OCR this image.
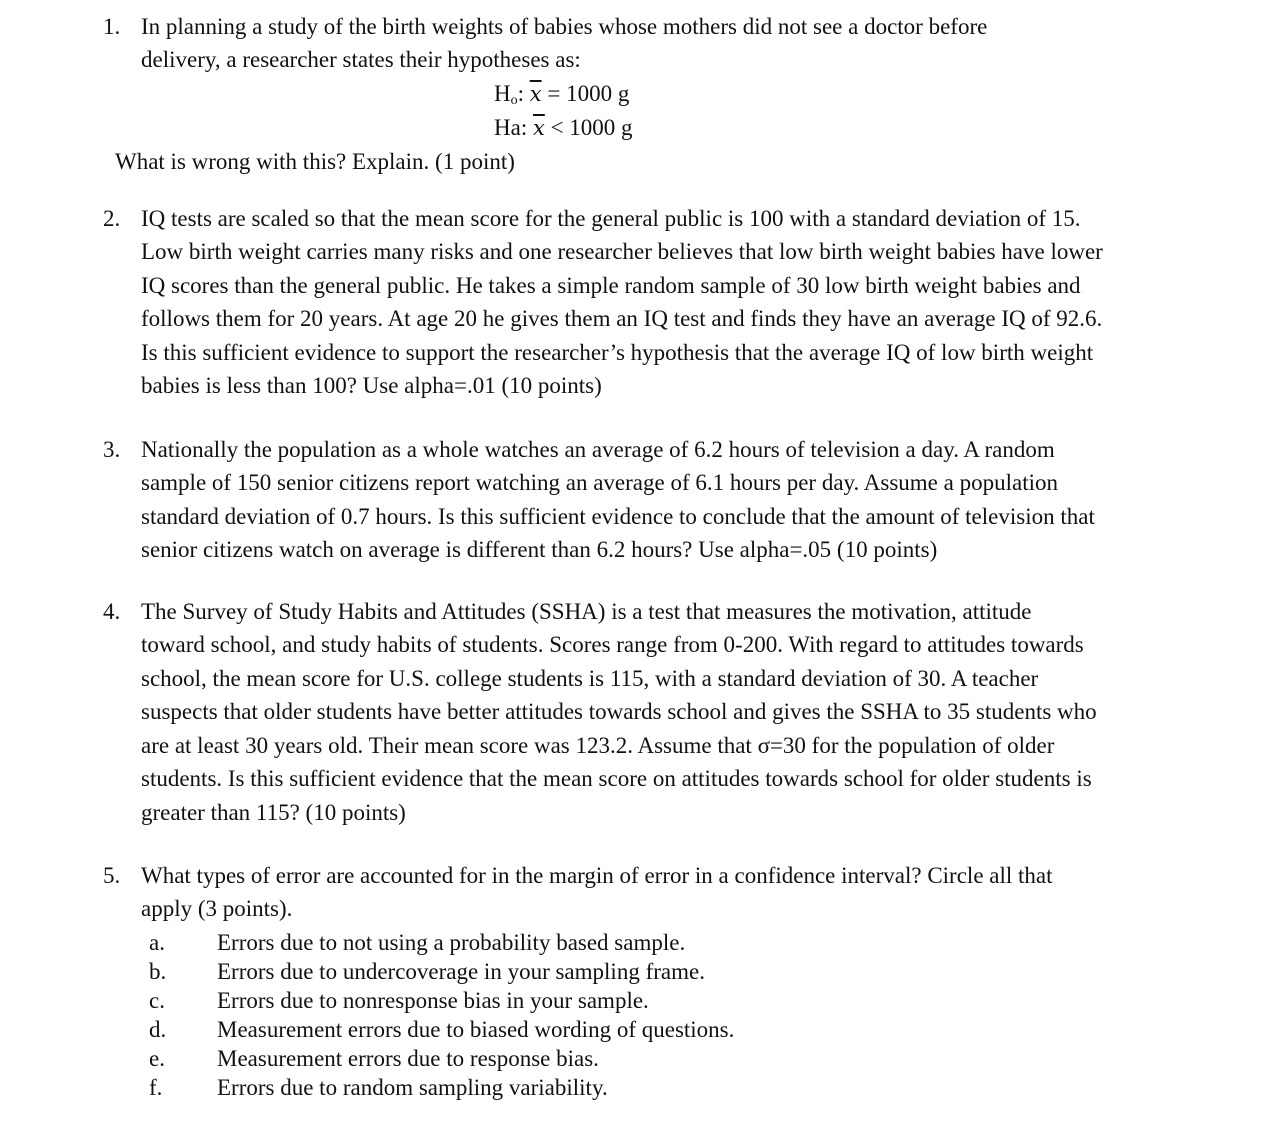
1. In planning a study of the birth weights of babies whose mothers did not see a doctor before
delivery, a researcher states their hypotheses as:
$H_o$: $\overline{x} = 1000$ g
Ha: $\overline{x} < 1000$ g
What is wrong with this? Explain. (1 point)
2. IQ tests are scaled so that the mean score for the general public is 100 with a standard deviation of 15.
Low birth weight carries many risks and one researcher believes that low birth weight babies have lower
IQ scores than the general public. He takes a simple random sample of 30 low birth weight babies and
follows them for 20 years. At age 20 he gives them an IQ test and finds they have an average IQ of 92.6.
Is this sufficient evidence to support the researcher’s hypothesis that the average IQ of low birth weight
babies is less than 100? Use alpha=.01 (10 points)
3. Nationally the population as a whole watches an average of 6.2 hours of television a day. A random
sample of 150 senior citizens report watching an average of 6.1 hours per day. Assume a population
standard deviation of 0.7 hours. Is this sufficient evidence to conclude that the amount of television that
senior citizens watch on average is different than 6.2 hours? Use alpha=.05 (10 points)
4. The Survey of Study Habits and Attitudes (SSHA) is a test that measures the motivation, attitude
toward school, and study habits of students. Scores range from 0-200. With regard to attitudes towards
school, the mean score for U.S. college students is 115, with a standard deviation of 30. A teacher
suspects that older students have better attitudes towards school and gives the SSHA to 35 students who
are at least 30 years old. Their mean score was 123.2. Assume that σ=30 for the population of older
students. Is this sufficient evidence that the mean score on attitudes towards school for older students is
greater than 115? (10 points)
5. What types of error are accounted for in the margin of error in a confidence interval? Circle all that
apply (3 points).
a. Errors due to not using a probability based sample.
b. Errors due to undercoverage in your sampling frame.
c. Errors due to nonresponse bias in your sample.
d. Measurement errors due to biased wording of questions.
e. Measurement errors due to response bias.
f. Errors due to random sampling variability.
